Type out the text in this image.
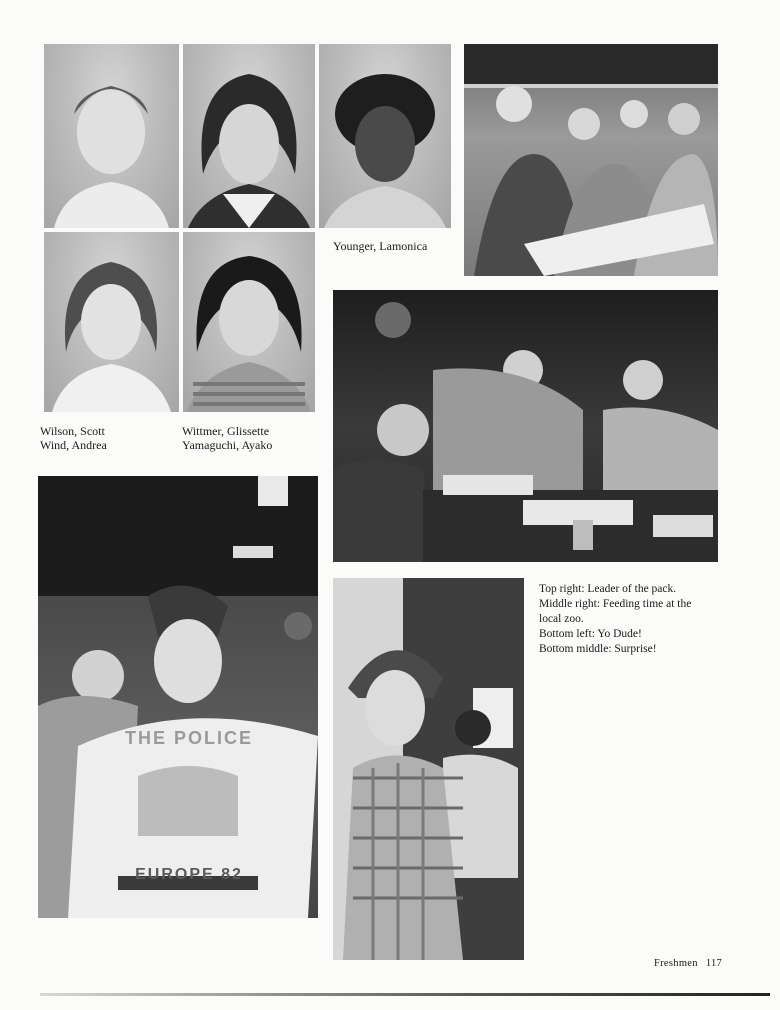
Younger, Lamonica
Wilson, Scott
Wind, Andrea
Wittmer, Glissette
Yamaguchi, Ayako
THE POLICE
EUROPE 82
Top right: Leader of the pack.
Middle right: Feeding time at the
local zoo.
Bottom left: Yo Dude!
Bottom middle: Surprise!
Freshmen 117
